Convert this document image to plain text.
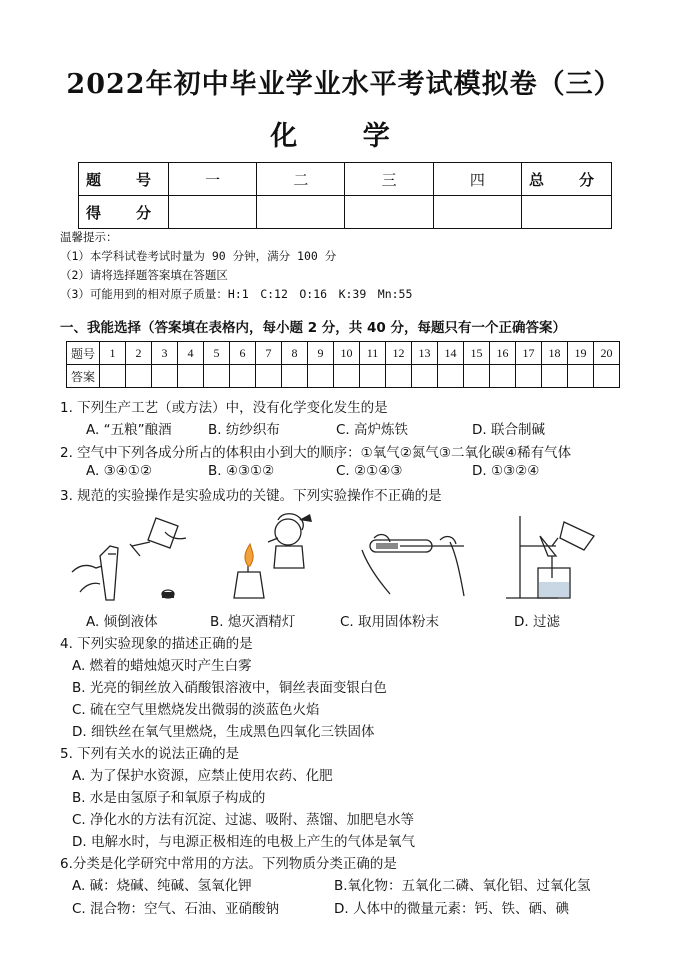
2022年初中毕业学业水平考试模拟卷（三）
化 学
题　号	一	二	三	四	总　分
得　分					
温馨提示：
（1）本学科试卷考试时量为 90 分钟，满分 100 分
（2）请将选择题答案填在答题区
（3）可能用到的相对原子质量：H:1　C:12　O:16　K:39　Mn:55
一、我能选择（答案填在表格内，每小题 2 分，共 40 分，每题只有一个正确答案）
题号	1	2	3	4	5	6	7	8	9	10	11	12	13	14	15	16	17	18	19	20
答案																				
1. 下列生产工艺（或方法）中，没有化学变化发生的是
A. “五粮”酿酒	B. 纺纱织布	C. 高炉炼铁	D. 联合制碱
2. 空气中下列各成分所占的体积由小到大的顺序：①氧气②氮气③二氧化碳④稀有气体
A. ③④①②	B. ④③①②	C. ②①④③	D. ①③②④
3. 规范的实验操作是实验成功的关键。下列实验操作不正确的是
A. 倾倒液体	B. 熄灭酒精灯	C. 取用固体粉末	D. 过滤
4. 下列实验现象的描述正确的是
A. 燃着的蜡烛熄灭时产生白雾
B. 光亮的铜丝放入硝酸银溶液中，铜丝表面变银白色
C. 硫在空气里燃烧发出微弱的淡蓝色火焰
D. 细铁丝在氧气里燃烧，生成黑色四氧化三铁固体
5. 下列有关水的说法正确的是
A. 为了保护水资源，应禁止使用农药、化肥
B. 水是由氢原子和氧原子构成的
C. 净化水的方法有沉淀、过滤、吸附、蒸馏、加肥皂水等
D. 电解水时，与电源正极相连的电极上产生的气体是氧气
6.分类是化学研究中常用的方法。下列物质分类正确的是
A. 碱：烧碱、纯碱、氢氧化钾	B.氧化物：五氧化二磷、氧化铝、过氧化氢
C. 混合物：空气、石油、亚硝酸钠	D. 人体中的微量元素：钙、铁、硒、碘
